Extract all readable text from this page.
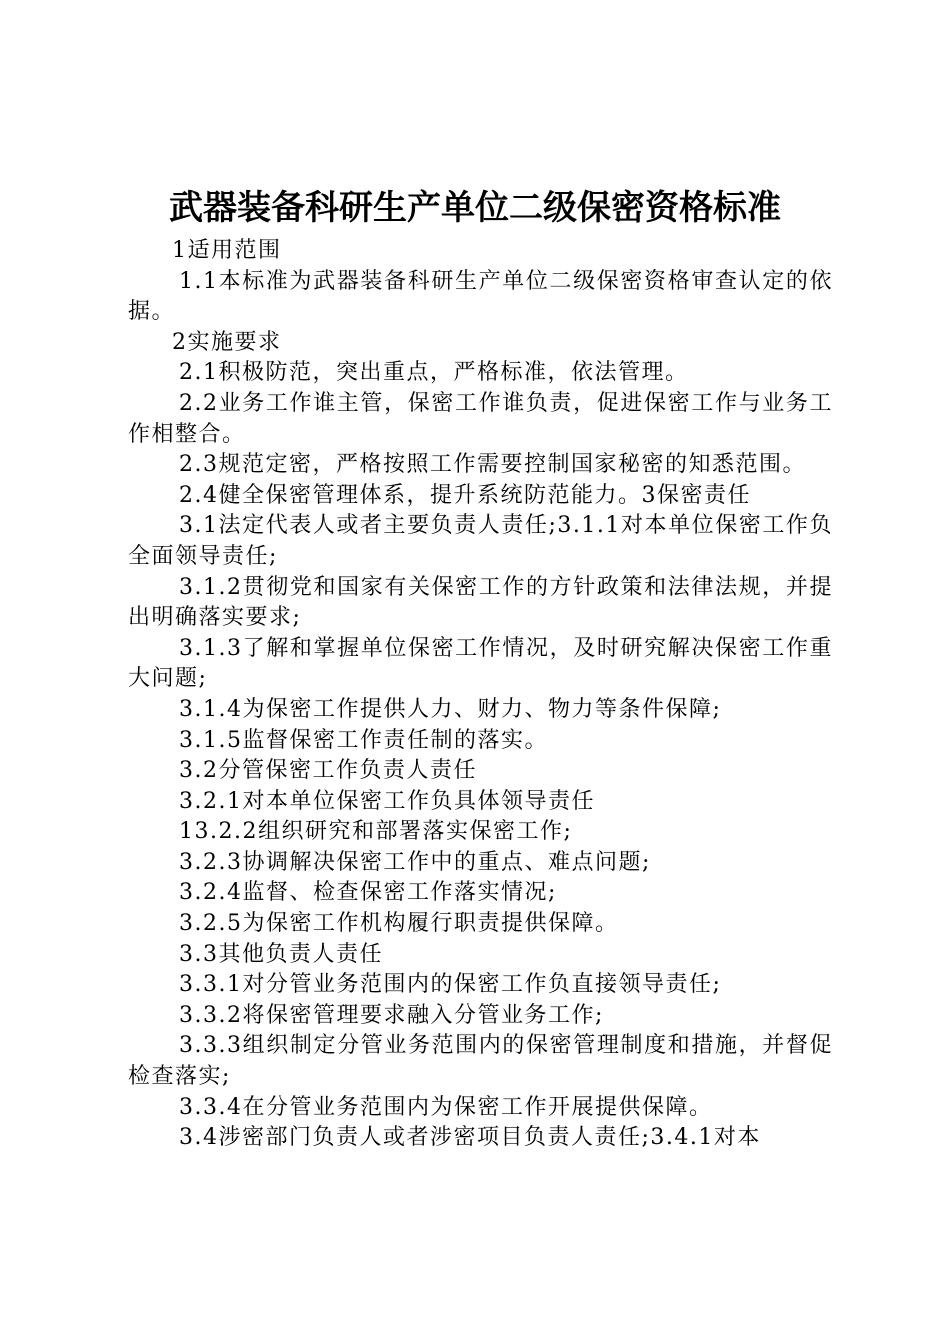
武器装备科研生产单位二级保密资格标准

1适用范围

1.1本标准为武器装备科研生产单位二级保密资格审查认定的依据。

2实施要求

2.1积极防范，突出重点，严格标准，依法管理。

2.2业务工作谁主管，保密工作谁负责，促进保密工作与业务工作相整合。

2.3规范定密，严格按照工作需要控制国家秘密的知悉范围。

2.4健全保密管理体系，提升系统防范能力。3保密责任

3.1法定代表人或者主要负责人责任;3.1.1对本单位保密工作负全面领导责任;

3.1.2贯彻党和国家有关保密工作的方针政策和法律法规，并提出明确落实要求;

3.1.3了解和掌握单位保密工作情况，及时研究解决保密工作重大问题;

3.1.4为保密工作提供人力、财力、物力等条件保障;

3.1.5监督保密工作责任制的落实。

3.2分管保密工作负责人责任

3.2.1对本单位保密工作负具体领导责任

13.2.2组织研究和部署落实保密工作;

3.2.3协调解决保密工作中的重点、难点问题;

3.2.4监督、检查保密工作落实情况;

3.2.5为保密工作机构履行职责提供保障。

3.3其他负责人责任

3.3.1对分管业务范围内的保密工作负直接领导责任;

3.3.2将保密管理要求融入分管业务工作;

3.3.3组织制定分管业务范围内的保密管理制度和措施，并督促检查落实;

3.3.4在分管业务范围内为保密工作开展提供保障。

3.4涉密部门负责人或者涉密项目负责人责任;3.4.1对本
